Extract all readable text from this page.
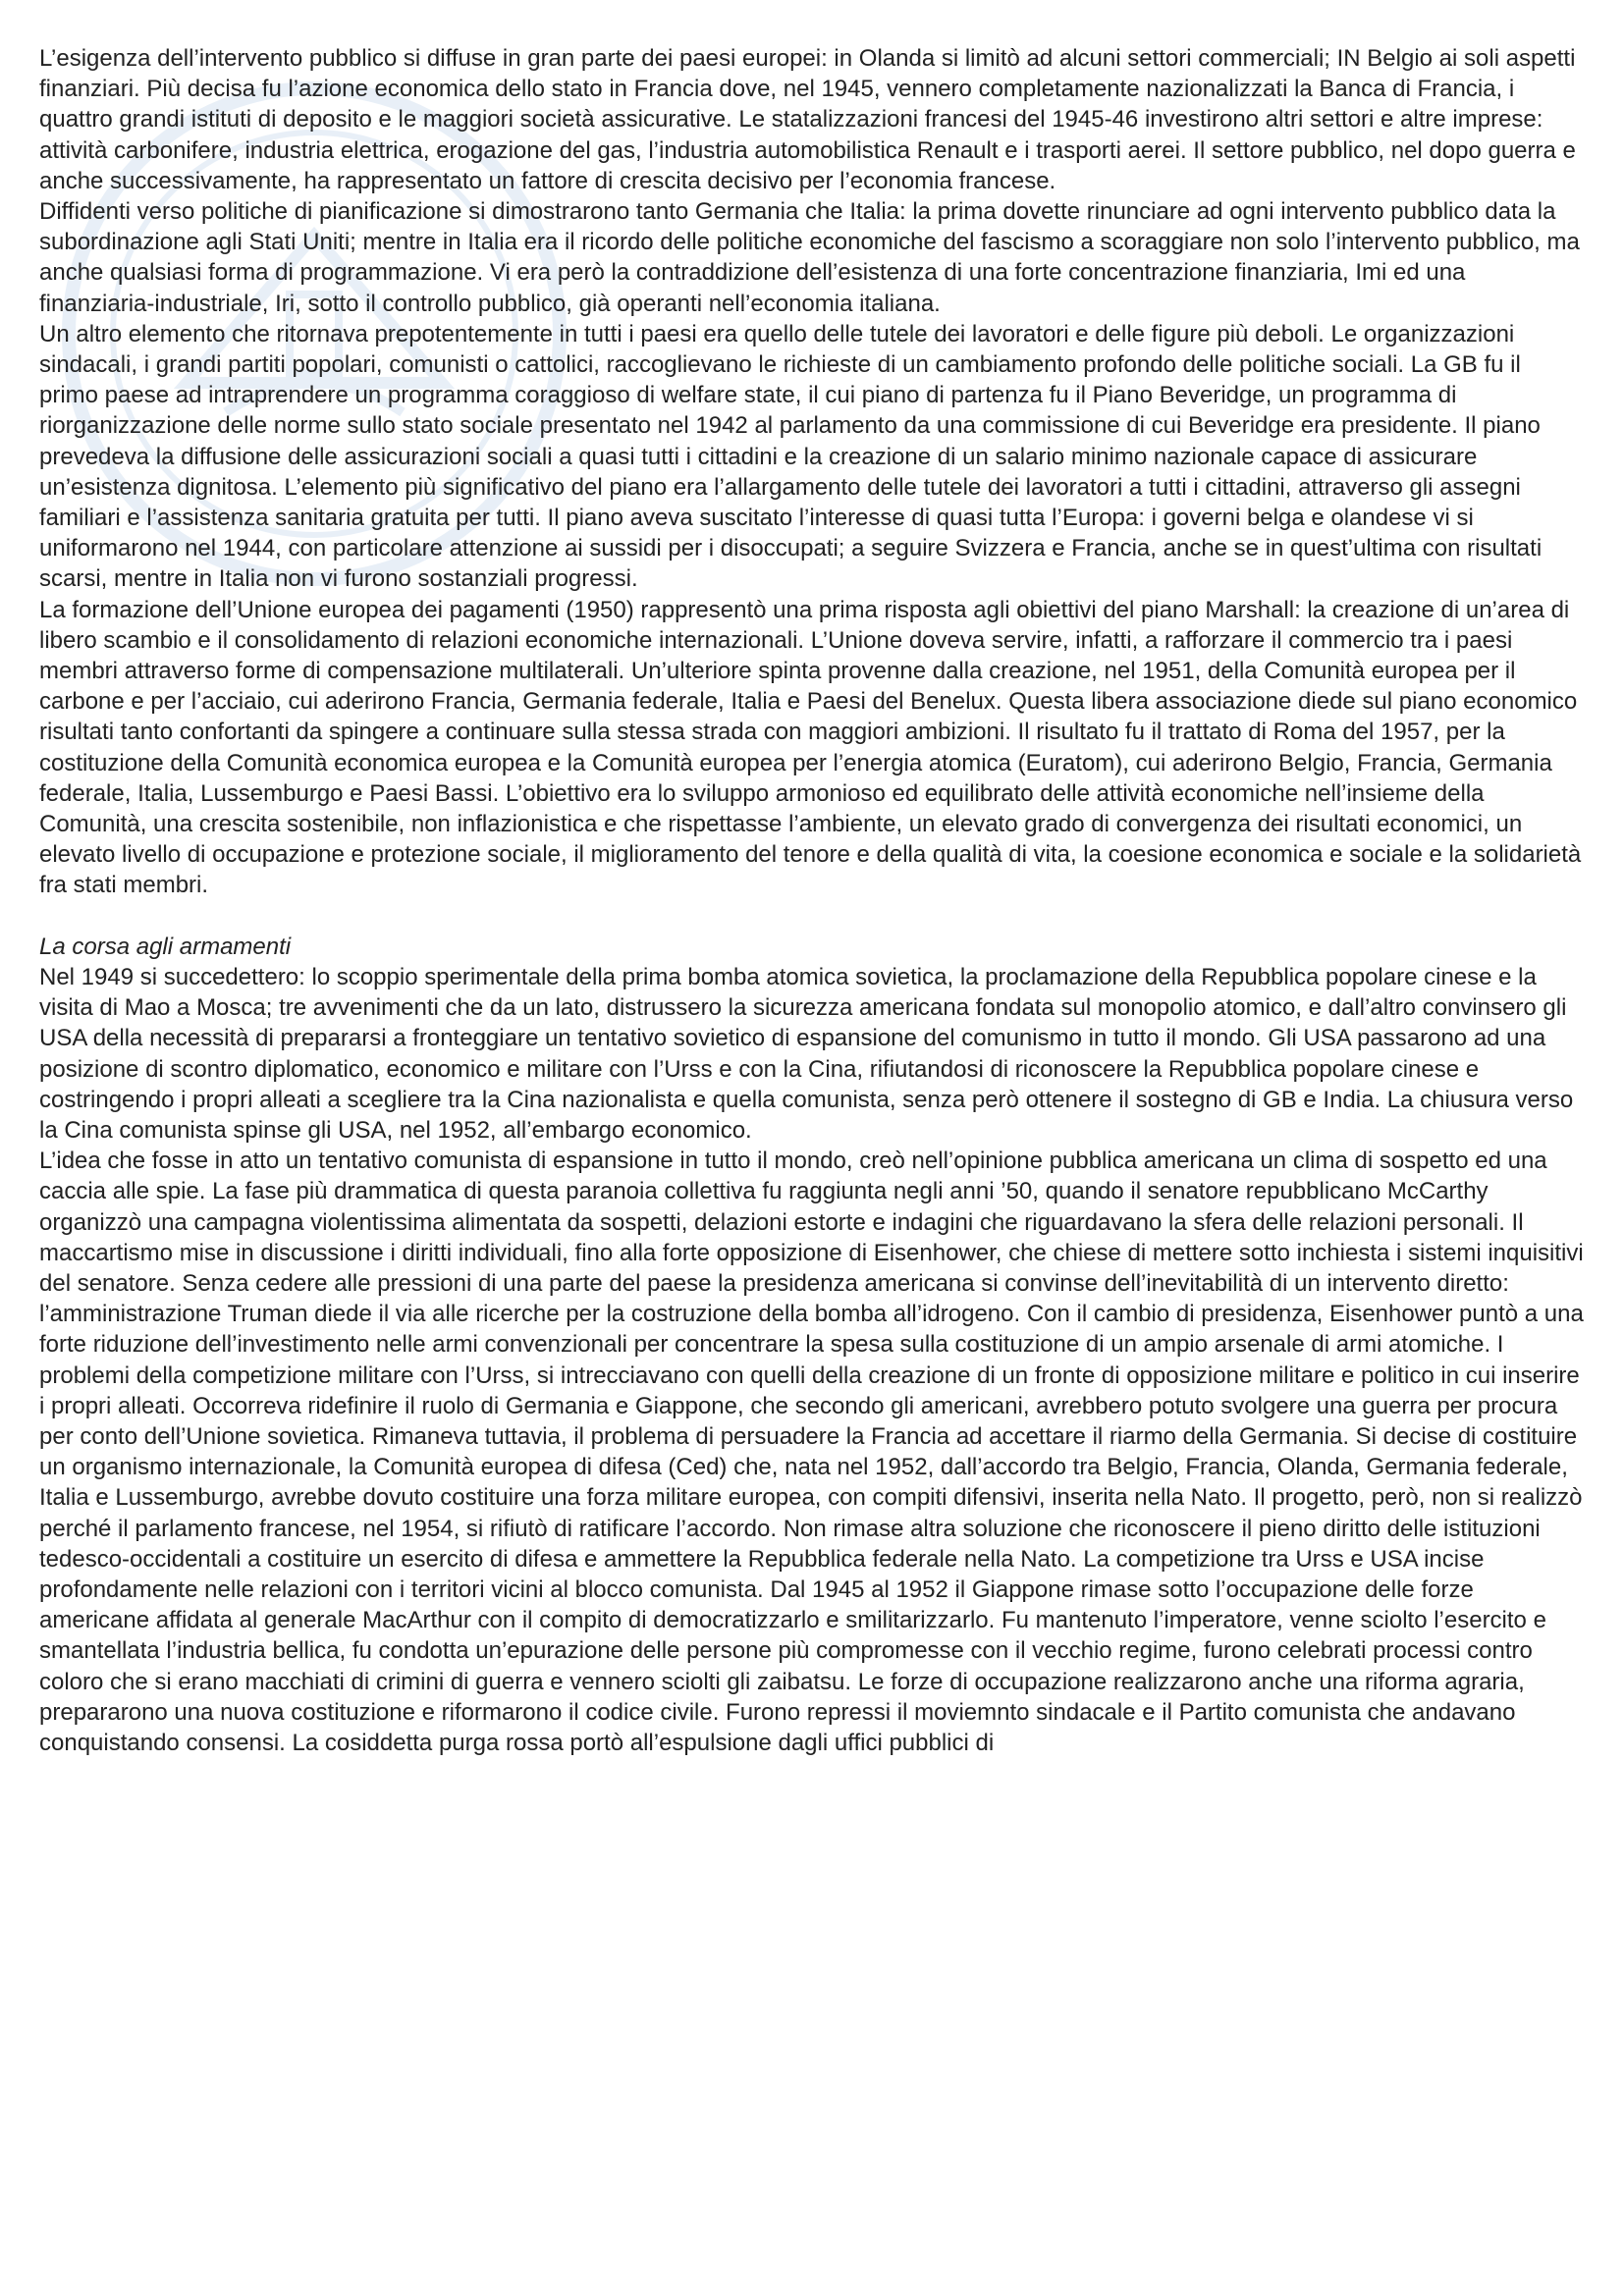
L’esigenza dell’intervento pubblico si diffuse in gran parte dei paesi europei: in Olanda si limitò ad alcuni settori commerciali; IN Belgio ai soli aspetti finanziari. Più decisa fu l’azione economica dello stato in Francia dove, nel 1945, vennero completamente nazionalizzati la Banca di Francia, i quattro grandi istituti di deposito e le maggiori società assicurative. Le statalizzazioni francesi del 1945-46 investirono altri settori e altre imprese: attività carbonifere, industria elettrica, erogazione del gas, l’industria automobilistica Renault e i trasporti aerei. Il settore pubblico, nel dopo guerra e anche successivamente, ha rappresentato un fattore di crescita decisivo per l’economia francese.

Diffidenti verso politiche di pianificazione si dimostrarono tanto Germania che Italia: la prima dovette rinunciare ad ogni intervento pubblico data la subordinazione agli Stati Uniti; mentre in Italia era il ricordo delle politiche economiche del fascismo a scoraggiare non solo l’intervento pubblico, ma anche qualsiasi forma di programmazione. Vi era però la contraddizione dell’esistenza di una forte concentrazione finanziaria, Imi ed una finanziaria-industriale, Iri, sotto il controllo pubblico, già operanti nell’economia italiana.

Un altro elemento che ritornava prepotentemente in tutti i paesi era quello delle tutele dei lavoratori e delle figure più deboli. Le organizzazioni sindacali, i grandi partiti popolari, comunisti o cattolici, raccoglievano le richieste di un cambiamento profondo delle politiche sociali. La GB fu il primo paese ad intraprendere un programma coraggioso di welfare state, il cui piano di partenza fu il Piano Beveridge, un programma di riorganizzazione delle norme sullo stato sociale presentato nel 1942 al parlamento da una commissione di cui Beveridge era presidente. Il piano prevedeva la diffusione delle assicurazioni sociali a quasi tutti i cittadini e la creazione di un salario minimo nazionale capace di assicurare un’esistenza dignitosa. L’elemento più significativo del piano era l’allargamento delle tutele dei lavoratori a tutti i cittadini, attraverso gli assegni familiari e l’assistenza sanitaria gratuita per tutti. Il piano aveva suscitato l’interesse di quasi tutta l’Europa: i governi belga e olandese vi si uniformarono nel 1944, con particolare attenzione ai sussidi per i disoccupati; a seguire Svizzera e Francia, anche se in quest’ultima con risultati scarsi, mentre in Italia non vi furono sostanziali progressi.

La formazione dell’Unione europea dei pagamenti (1950) rappresentò una prima risposta agli obiettivi del piano Marshall: la creazione di un’area di libero scambio e il consolidamento di relazioni economiche internazionali. L’Unione doveva servire, infatti, a rafforzare il commercio tra i paesi membri attraverso forme di compensazione multilaterali. Un’ulteriore spinta provenne dalla creazione, nel 1951, della Comunità europea per il carbone e per l’acciaio, cui aderirono Francia, Germania federale, Italia e Paesi del Benelux. Questa libera associazione diede sul piano economico risultati tanto confortanti da spingere a continuare sulla stessa strada con maggiori ambizioni. Il risultato fu il trattato di Roma del 1957, per la costituzione della Comunità economica europea e la Comunità europea per l’energia atomica (Euratom), cui aderirono Belgio, Francia, Germania federale, Italia, Lussemburgo e Paesi Bassi. L’obiettivo era lo sviluppo armonioso ed equilibrato delle attività economiche nell’insieme della Comunità, una crescita sostenibile, non inflazionistica e che rispettasse l’ambiente, un elevato grado di convergenza dei risultati economici, un elevato livello di occupazione e protezione sociale, il miglioramento del tenore e della qualità di vita, la coesione economica e sociale e la solidarietà fra stati membri.

La corsa agli armamenti

Nel 1949 si succedettero: lo scoppio sperimentale della prima bomba atomica sovietica, la proclamazione della Repubblica popolare cinese e la visita di Mao a Mosca; tre avvenimenti che da un lato, distrussero la sicurezza americana fondata sul monopolio atomico, e dall’altro convinsero gli USA della necessità di prepararsi a fronteggiare un tentativo sovietico di espansione del comunismo in tutto il mondo. Gli USA passarono ad una posizione di scontro diplomatico, economico e militare con l’Urss e con la Cina, rifiutandosi di riconoscere la Repubblica popolare cinese e costringendo i propri alleati a scegliere tra la Cina nazionalista e quella comunista, senza però ottenere il sostegno di GB e India. La chiusura verso la Cina comunista spinse gli USA, nel 1952, all’embargo economico.

L’idea che fosse in atto un tentativo comunista di espansione in tutto il mondo, creò nell’opinione pubblica americana un clima di sospetto ed una caccia alle spie. La fase più drammatica di questa paranoia collettiva fu raggiunta negli anni ’50, quando il senatore repubblicano McCarthy organizzò una campagna violentissima alimentata da sospetti, delazioni estorte e indagini che riguardavano la sfera delle relazioni personali. Il maccartismo mise in discussione i diritti individuali, fino alla forte opposizione di Eisenhower, che chiese di mettere sotto inchiesta i sistemi inquisitivi del senatore. Senza cedere alle pressioni di una parte del paese la presidenza americana si convinse dell’inevitabilità di un intervento diretto: l’amministrazione Truman diede il via alle ricerche per la costruzione della bomba all’idrogeno. Con il cambio di presidenza, Eisenhower puntò a una forte riduzione dell’investimento nelle armi convenzionali per concentrare la spesa sulla costituzione di un ampio arsenale di armi atomiche. I problemi della competizione militare con l’Urss, si intrecciavano con quelli della creazione di un fronte di opposizione militare e politico in cui inserire i propri alleati. Occorreva ridefinire il ruolo di Germania e Giappone, che secondo gli americani, avrebbero potuto svolgere una guerra per procura per conto dell’Unione sovietica. Rimaneva tuttavia, il problema di persuadere la Francia ad accettare il riarmo della Germania. Si decise di costituire un organismo internazionale, la Comunità europea di difesa (Ced) che, nata nel 1952, dall’accordo tra Belgio, Francia, Olanda, Germania federale, Italia e Lussemburgo, avrebbe dovuto costituire una forza militare europea, con compiti difensivi, inserita nella Nato. Il progetto, però, non si realizzò perché il parlamento francese, nel 1954, si rifiutò di ratificare l’accordo. Non rimase altra soluzione che riconoscere il pieno diritto delle istituzioni tedesco-occidentali a costituire un esercito di difesa e ammettere la Repubblica federale nella Nato. La competizione tra Urss e USA incise profondamente nelle relazioni con i territori vicini al blocco comunista. Dal 1945 al 1952 il Giappone rimase sotto l’occupazione delle forze americane affidata al generale MacArthur con il compito di democratizzarlo e smilitarizzarlo. Fu mantenuto l’imperatore, venne sciolto l’esercito e smantellata l’industria bellica, fu condotta un’epurazione delle persone più compromesse con il vecchio regime, furono celebrati processi contro coloro che si erano macchiati di crimini di guerra e vennero sciolti gli zaibatsu. Le forze di occupazione realizzarono anche una riforma agraria, prepararono una nuova costituzione e riformarono il codice civile. Furono repressi il moviemnto sindacale e il Partito comunista che andavano conquistando consensi. La cosiddetta purga rossa portò all’espulsione dagli uffici pubblici di
